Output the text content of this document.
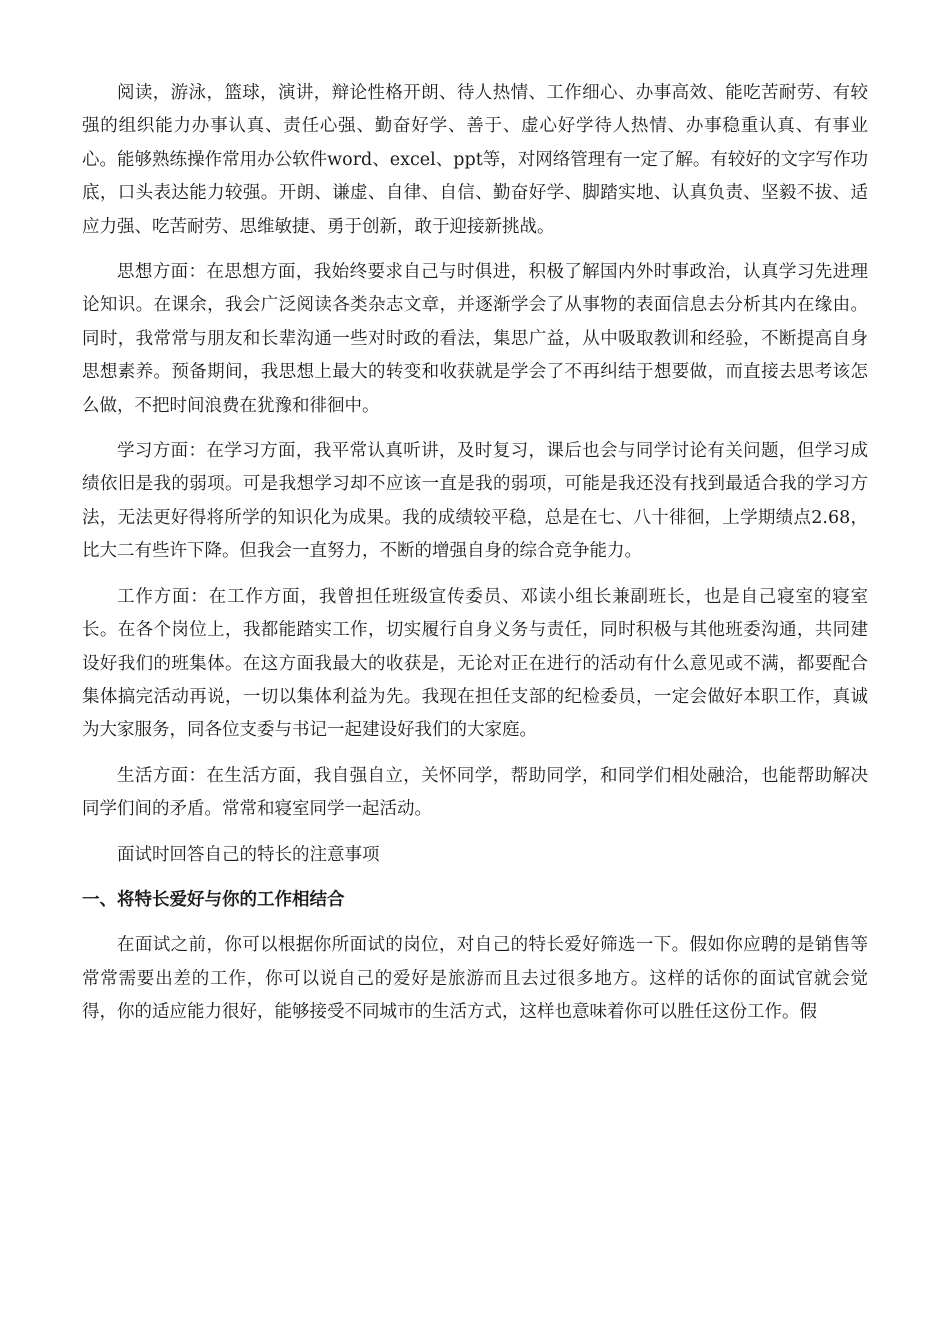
阅读，游泳，篮球，演讲，辩论性格开朗、待人热情、工作细心、办事高效、能吃苦耐劳、有较强的组织能力办事认真、责任心强、勤奋好学、善于、虚心好学待人热情、办事稳重认真、有事业心。能够熟练操作常用办公软件word、excel、ppt等，对网络管理有一定了解。有较好的文字写作功底，口头表达能力较强。开朗、谦虚、自律、自信、勤奋好学、脚踏实地、认真负责、坚毅不拔、适应力强、吃苦耐劳、思维敏捷、勇于创新，敢于迎接新挑战。

思想方面：在思想方面，我始终要求自己与时俱进，积极了解国内外时事政治，认真学习先进理论知识。在课余，我会广泛阅读各类杂志文章，并逐渐学会了从事物的表面信息去分析其内在缘由。同时，我常常与朋友和长辈沟通一些对时政的看法，集思广益，从中吸取教训和经验，不断提高自身思想素养。预备期间，我思想上最大的转变和收获就是学会了不再纠结于想要做，而直接去思考该怎么做，不把时间浪费在犹豫和徘徊中。

学习方面：在学习方面，我平常认真听讲，及时复习，课后也会与同学讨论有关问题，但学习成绩依旧是我的弱项。可是我想学习却不应该一直是我的弱项，可能是我还没有找到最适合我的学习方法，无法更好得将所学的知识化为成果。我的成绩较平稳，总是在七、八十徘徊，上学期绩点2.68，比大二有些许下降。但我会一直努力，不断的增强自身的综合竞争能力。

工作方面：在工作方面，我曾担任班级宣传委员、邓读小组长兼副班长，也是自己寝室的寝室长。在各个岗位上，我都能踏实工作，切实履行自身义务与责任，同时积极与其他班委沟通，共同建设好我们的班集体。在这方面我最大的收获是，无论对正在进行的活动有什么意见或不满，都要配合集体搞完活动再说，一切以集体利益为先。我现在担任支部的纪检委员，一定会做好本职工作，真诚为大家服务，同各位支委与书记一起建设好我们的大家庭。

生活方面：在生活方面，我自强自立，关怀同学，帮助同学，和同学们相处融洽，也能帮助解决同学们间的矛盾。常常和寝室同学一起活动。

面试时回答自己的特长的注意事项

一、将特长爱好与你的工作相结合

在面试之前，你可以根据你所面试的岗位，对自己的特长爱好筛选一下。假如你应聘的是销售等常常需要出差的工作，你可以说自己的爱好是旅游而且去过很多地方。这样的话你的面试官就会觉得，你的适应能力很好，能够接受不同城市的生活方式，这样也意味着你可以胜任这份工作。假
